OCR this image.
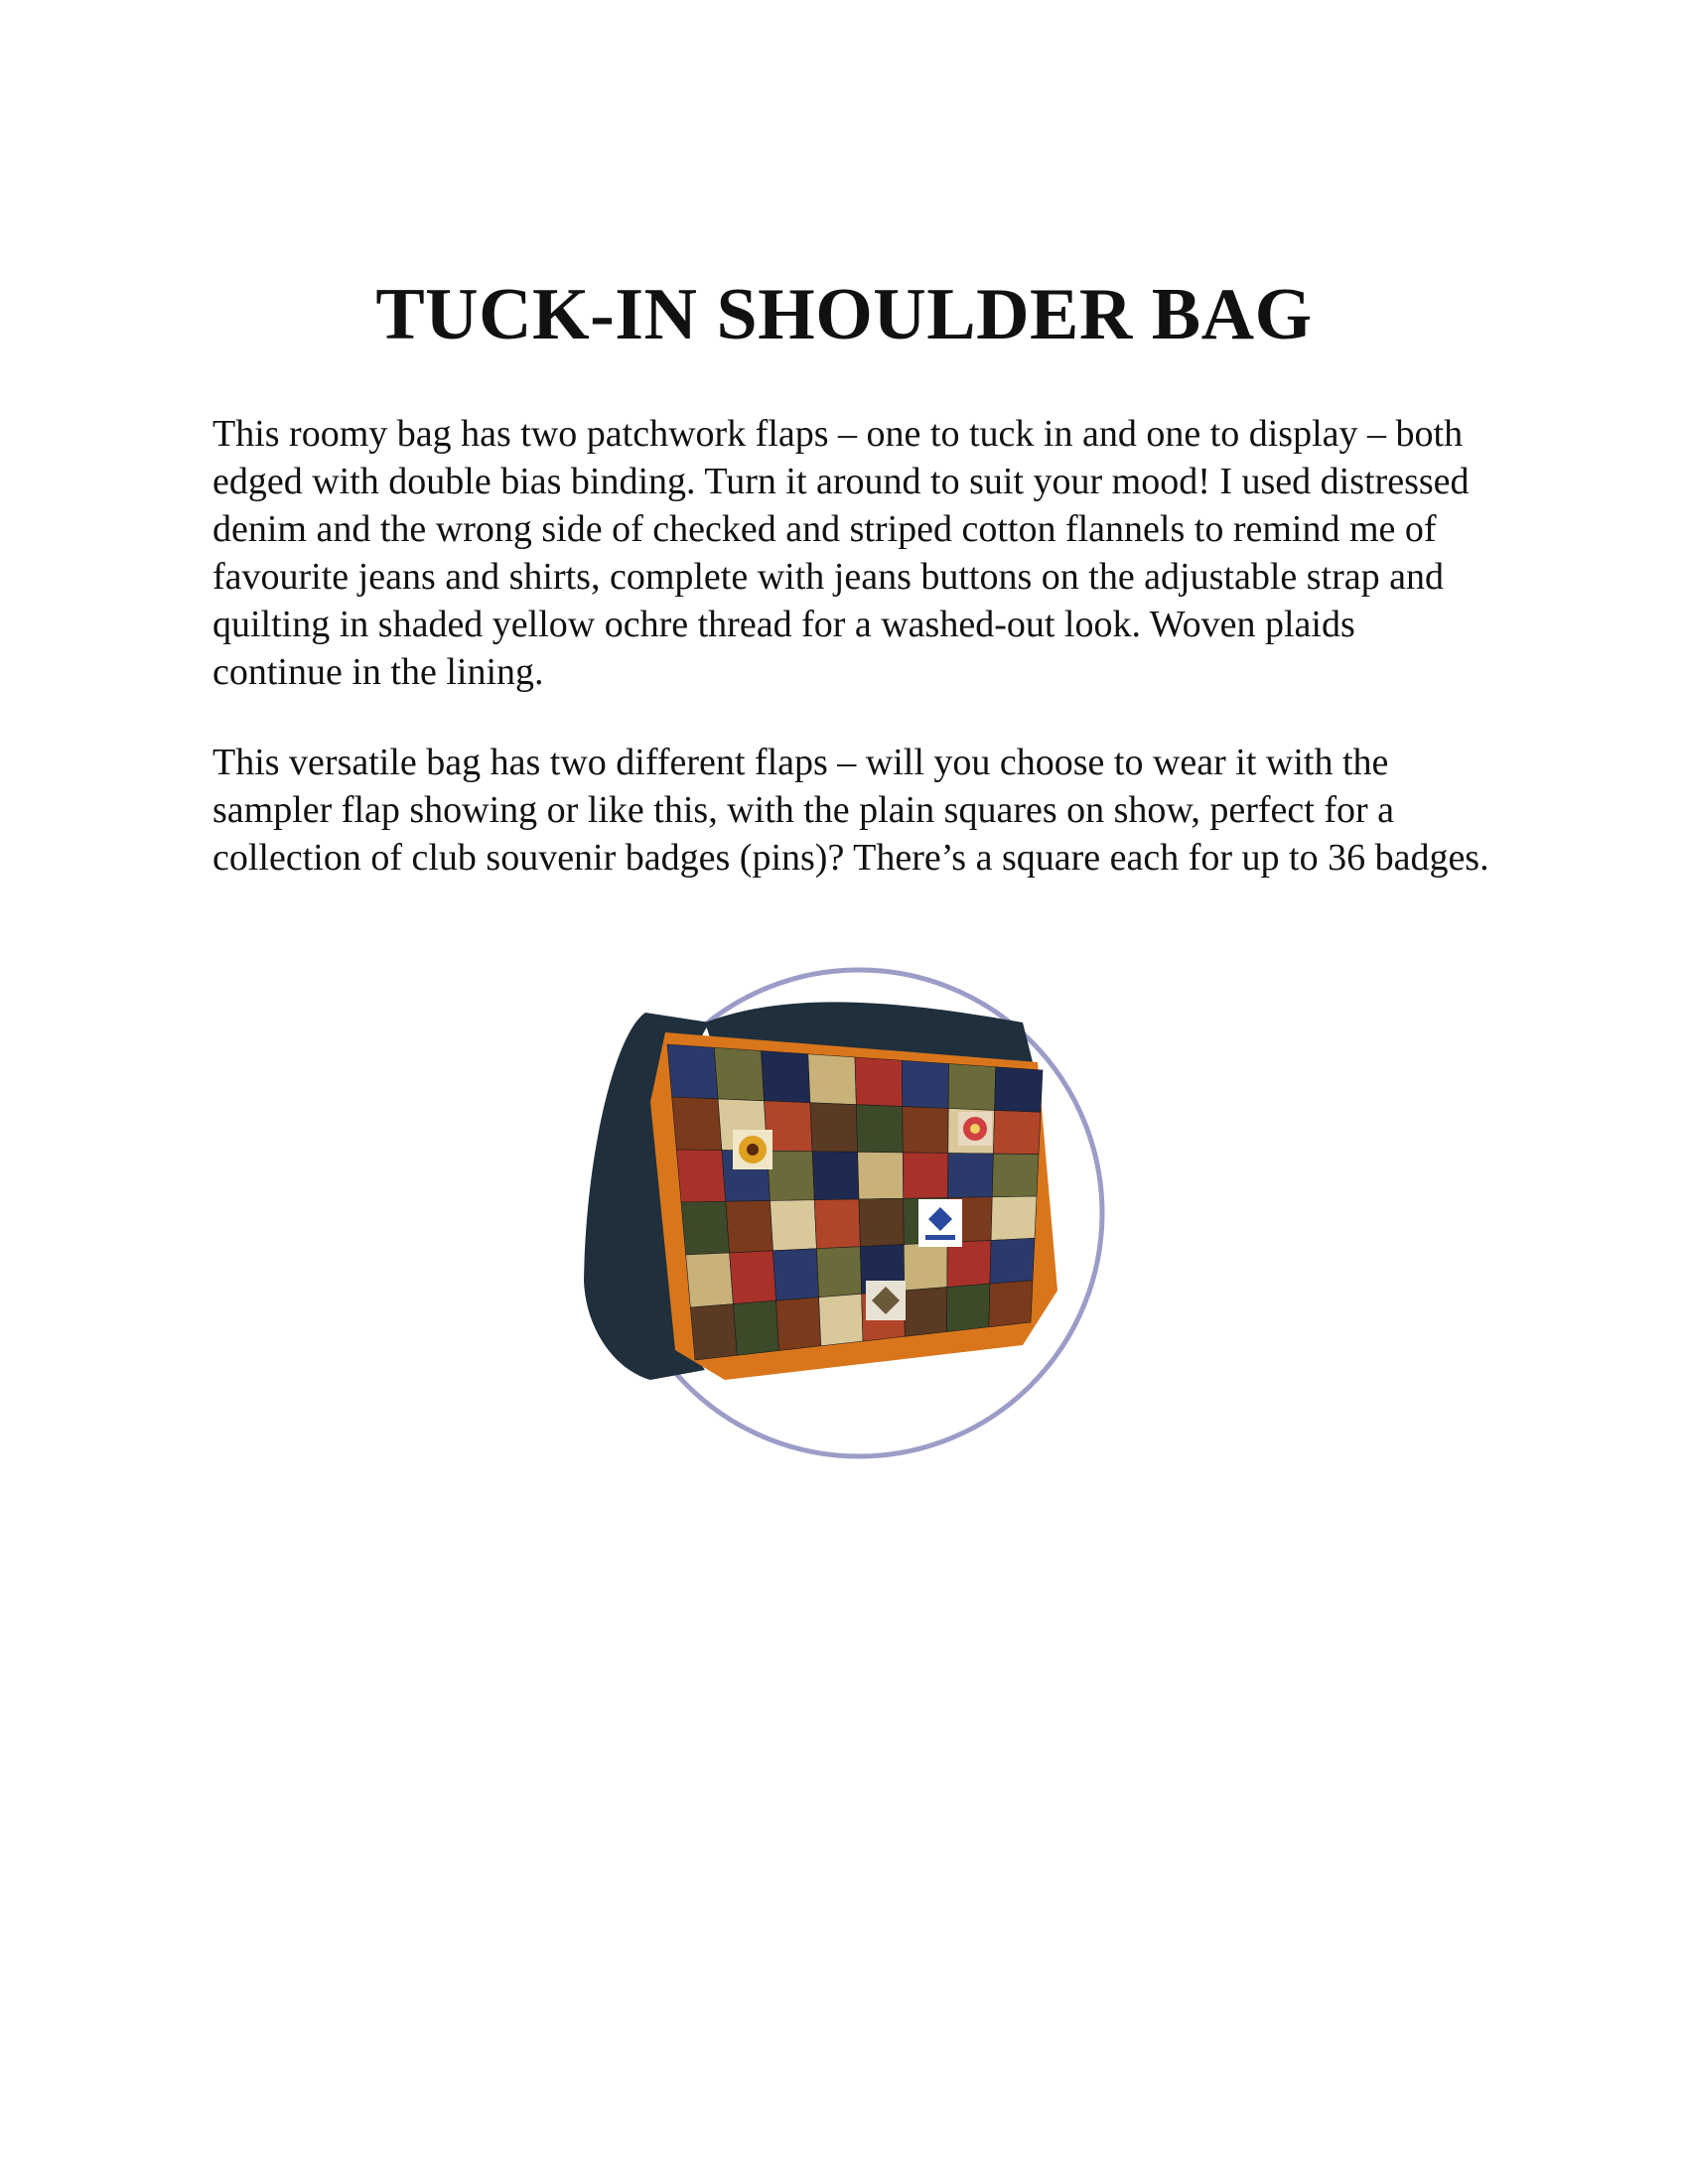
TUCK-IN SHOULDER BAG

This roomy bag has two patchwork flaps – one to tuck in and one to display – both edged with double bias binding. Turn it around to suit your mood! I used distressed denim and the wrong side of checked and striped cotton flannels to remind me of favourite jeans and shirts, complete with jeans buttons on the adjustable strap and quilting in shaded yellow ochre thread for a washed-out look. Woven plaids continue in the lining.

This versatile bag has two different flaps – will you choose to wear it with the sampler flap showing or like this, with the plain squares on show, perfect for a collection of club souvenir badges (pins)? There’s a square each for up to 36 badges.
